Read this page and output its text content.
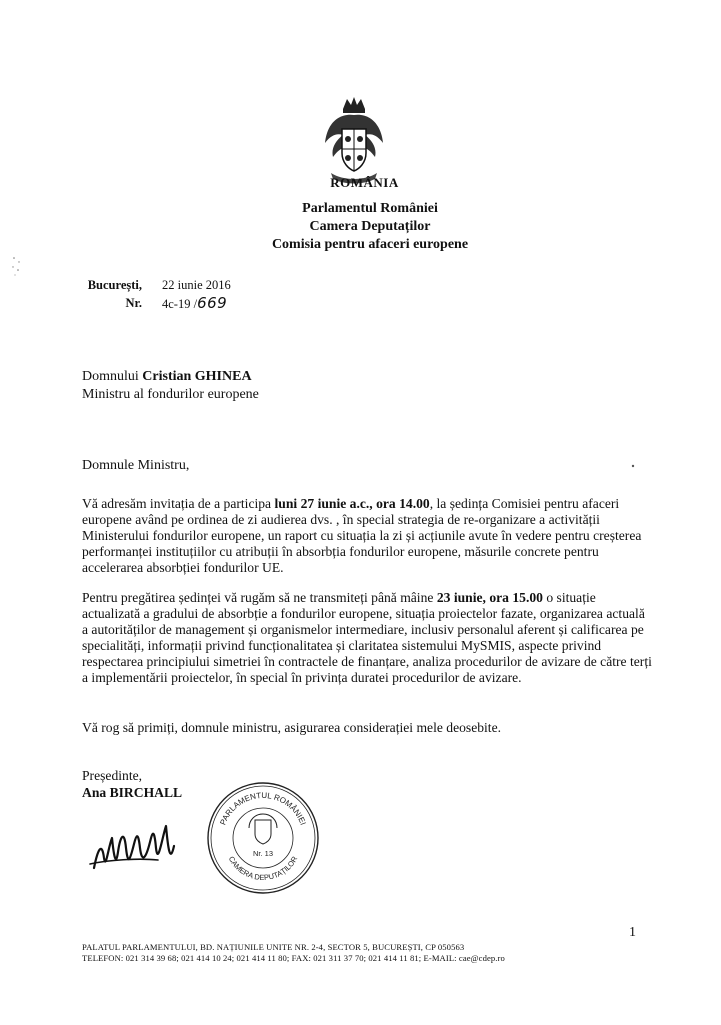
ROMÂNIA
Parlamentul României
Camera Deputaților
Comisia pentru afaceri europene
București,	22 iunie 2016
Nr.	4c-19 /669
Domnului Cristian GHINEA
Ministru al fondurilor europene
Domnule Ministru,

Vă adresăm invitația de a participa luni 27 iunie a.c., ora 14.00, la ședința Comisiei pentru afaceri europene având pe ordinea de zi audierea dvs. , în special strategia de re-organizare a activității Ministerului fondurilor europene, un raport cu situația la zi și acțiunile avute în vedere pentru creșterea performanței instituțiilor cu atribuții în absorbția fondurilor europene, măsurile concrete pentru accelerarea absorbției fondurilor UE.

Pentru pregătirea ședinței vă rugăm să ne transmiteți până mâine 23 iunie, ora 15.00 o situație actualizată a gradului de absorbție a fondurilor europene, situația proiectelor fazate, organizarea actuală a autorităților de management și organismelor intermediare, inclusiv personalul aferent și calificarea pe specialități, informații privind funcționalitatea și claritatea sistemului MySMIS, aspecte privind respectarea principiului simetriei în contractele de finanțare, analiza procedurilor de avizare de către terți a implementării proiectelor, în special în privința duratei procedurilor de avizare.

Vă rog să primiți, domnule ministru, asigurarea considerației mele deosebite.

Președinte,
Ana BIRCHALL
PARLAMENTUL ROMÂNIEI
CAMERA DEPUTAȚILOR
Nr. 13
1
PALATUL PARLAMENTULUI, BD. NAȚIUNILE UNITE NR. 2-4, SECTOR 5, BUCUREȘTI, CP 050563
TELEFON: 021 314 39 68; 021 414 10 24; 021 414 11 80; FAX: 021 311 37 70; 021 414 11 81; E-MAIL: cae@cdep.ro
